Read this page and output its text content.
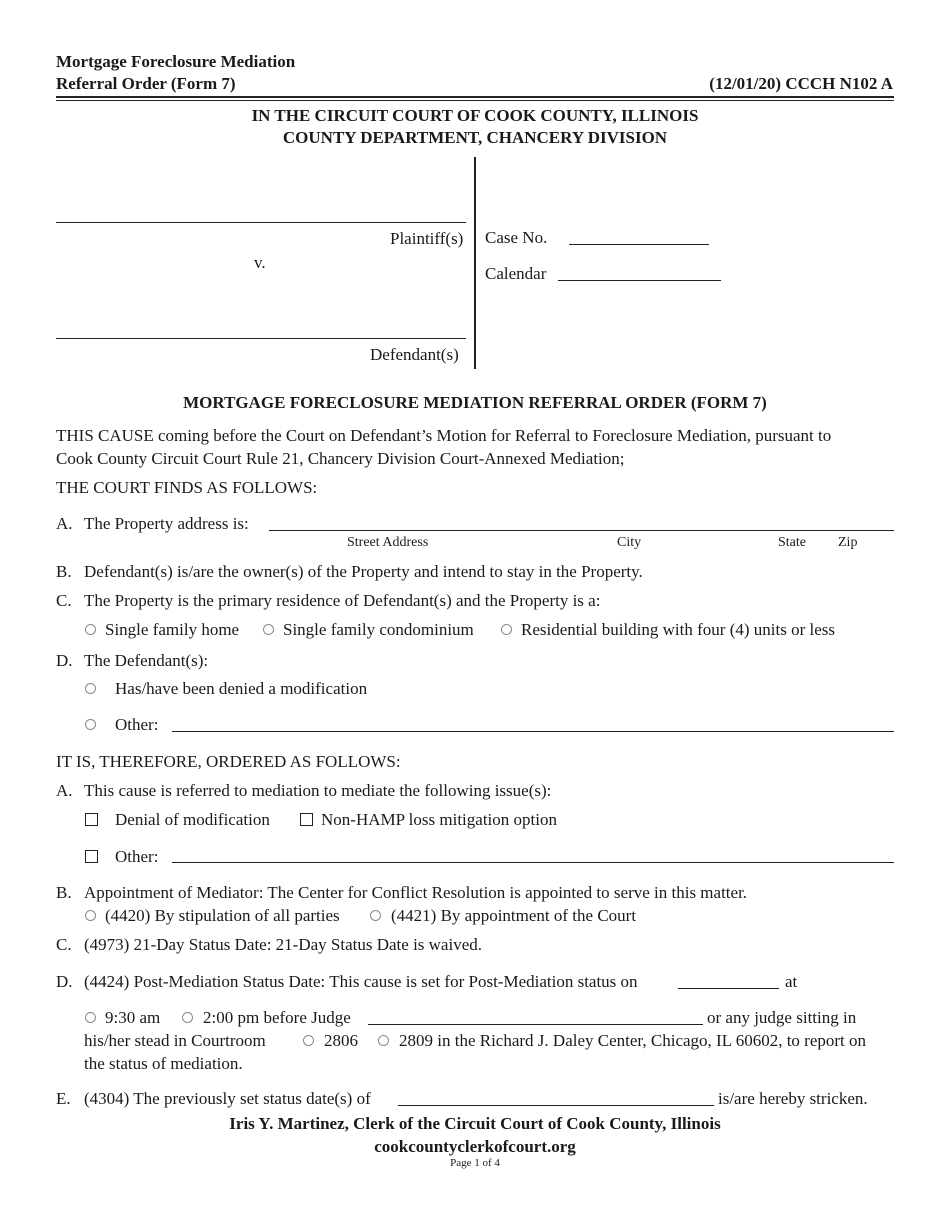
Mortgage Foreclosure Mediation
Referral Order (Form 7)	(12/01/20) CCCH N102 A
IN THE CIRCUIT COURT OF COOK COUNTY, ILLINOIS
COUNTY DEPARTMENT, CHANCERY DIVISION
Plaintiff(s)
v.
Defendant(s)
Case No.
Calendar
MORTGAGE FORECLOSURE MEDIATION REFERRAL ORDER (FORM 7)
THIS CAUSE coming before the Court on Defendant’s Motion for Referral to Foreclosure Mediation, pursuant to
Cook County Circuit Court Rule 21, Chancery Division Court-Annexed Mediation;
THE COURT FINDS AS FOLLOWS:
A. The Property address is:
Street Address	City	State Zip
B. Defendant(s) is/are the owner(s) of the Property and intend to stay in the Property.
C. The Property is the primary residence of Defendant(s) and the Property is a:
Single family home	Single family condominium	Residential building with four (4) units or less
D. The Defendant(s):
Has/have been denied a modification
Other:
IT IS, THEREFORE, ORDERED AS FOLLOWS:
A. This cause is referred to mediation to mediate the following issue(s):
Denial of modification	Non-HAMP loss mitigation option
Other:
B. Appointment of Mediator: The Center for Conflict Resolution is appointed to serve in this matter.
(4420) By stipulation of all parties	(4421) By appointment of the Court
C. (4973) 21-Day Status Date: 21-Day Status Date is waived.
D. (4424) Post-Mediation Status Date: This cause is set for Post-Mediation status on	at
9:30 am	2:00 pm before Judge	or any judge sitting in
his/her stead in Courtroom	2806 2809 in the Richard J. Daley Center, Chicago, IL 60602, to report on
the status of mediation.
E. (4304) The previously set status date(s) of	is/are hereby stricken.
Iris Y. Martinez, Clerk of the Circuit Court of Cook County, Illinois
cookcountyclerkofcourt.org
Page 1 of 4
